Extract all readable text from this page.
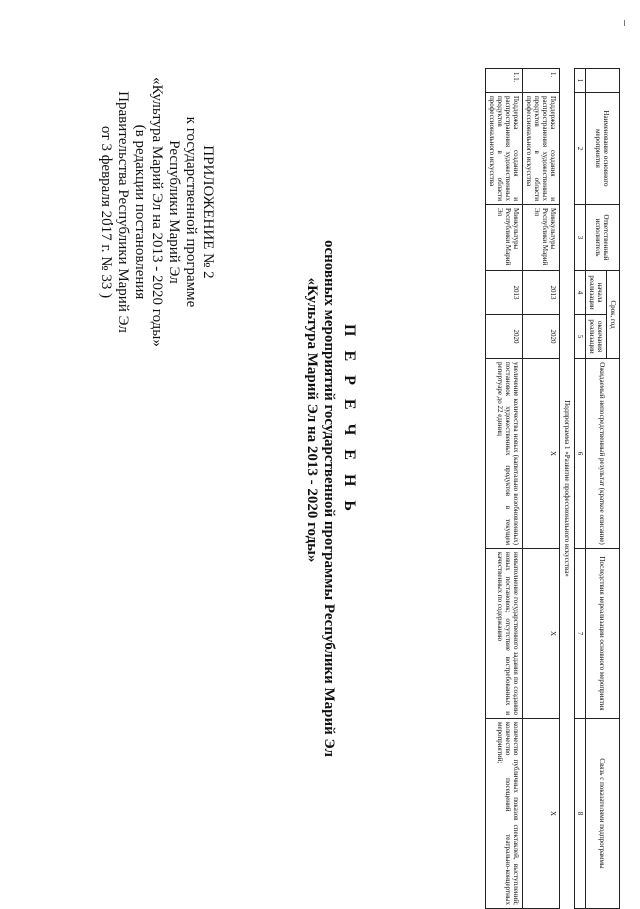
ПРИЛОЖЕНИЕ № 2
к государственной программе
Республики Марий Эл
«Культура Марий Эл на 2013 - 2020 годы»
(в редакции постановления
Правительства Республики Марий Эл
от 3 февраля 2017 г. № 33 )
П Е Р Е Ч Е Н Ь
основных мероприятий государственной программы Республики Марий Эл
«Культура Марий Эл на 2013 - 2020 годы»
	Наименование основного мероприятия	Ответственный исполнитель	Срок, год		Ожидаемый непосредственный результат (краткое описание)	Последствия нереализации основного мероприятия	Связь с показателями подпрограммы
			начала реализации	окончания реализации			
1	2	3	4	5	6	7	8
Подпрограмма 1 «Развитие профессионального искусства»							
1.	Поддержка создания и распространения художественных продуктов в области профессионального искусства	Минкультуры Республики Марий Эл	2013	2020	X	X	X
1.1.	Поддержка создания и распространения художественных продуктов в области профессионального искусства	Минкультуры Республики Марий Эл	2013	2020	увеличение количества новых (капитально возобновленных) постановок художественных продуктов в текущем репертуаре до 22 единиц	невыполнение государственного задания по созданию новых постановок; отсутствие востребованных и качественных по содержанию	количество публичных показов спектаклей, выступлений; количество посещений театрально-концертных мероприятий;
